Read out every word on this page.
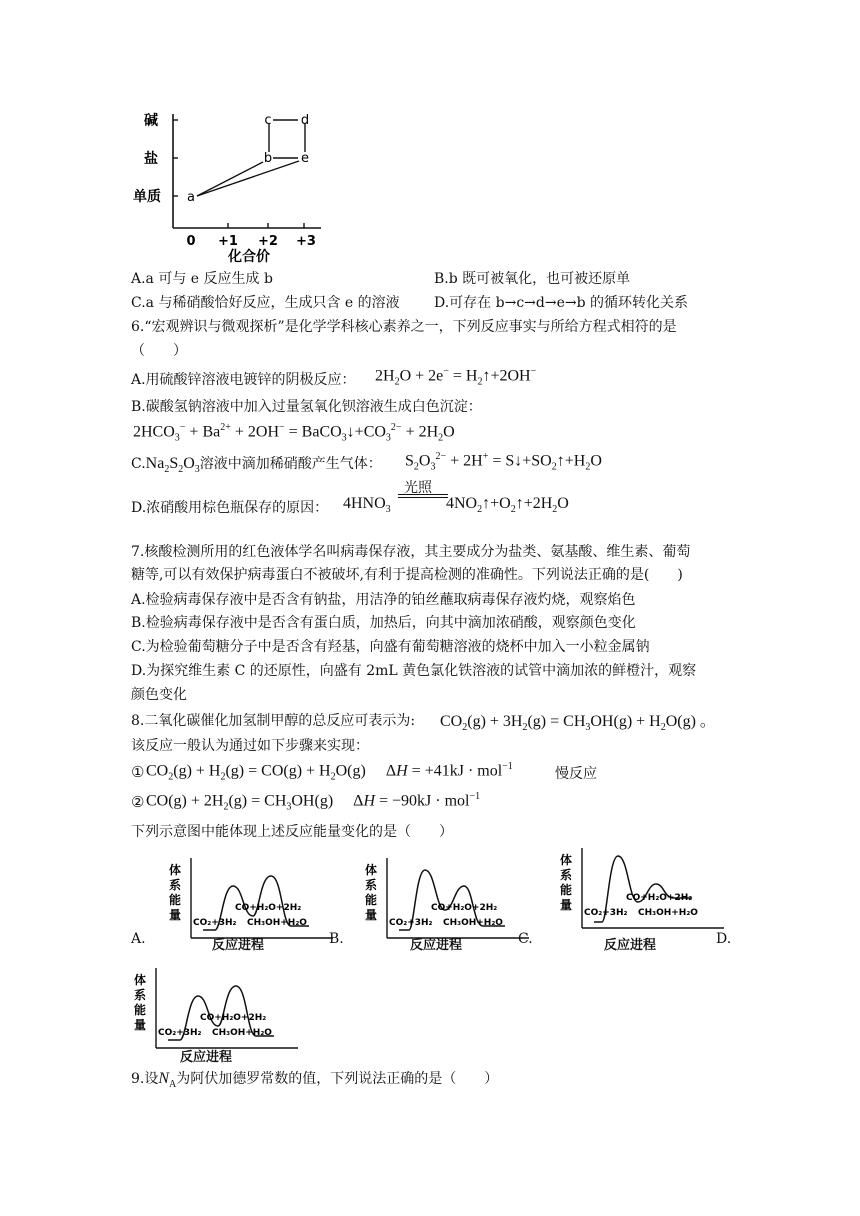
碱
盐
单质
0 +1 +2 +3
化合价
a
b
c d
e
A.a 可与 e 反应生成 b	B.b 既可被氧化，也可被还原单
C.a 与稀硝酸恰好反应，生成只含 e 的溶液 D.可存在 b→c→d→e→b 的循环转化关系
6.“宏观辨识与微观探析”是化学学科核心素养之一，下列反应事实与所给方程式相符的是
（　　）
A.用硫酸锌溶液电镀锌的阴极反应： $2H_2O + 2e^-$ = $H_2↑+2OH^-$
B.碳酸氢钠溶液中加入过量氢氧化钡溶液生成白色沉淀：
$2HCO_3^- + Ba^{2+} + 2OH^-$ = $BaCO_3↓+CO_3^{2-} + 2H_2O$
$C.Na_2S_2O_3$溶液中滴加稀硝酸产生气体： $S_2O_3^{2-} + 2H^+$ = $S↓+SO_2↑+H_2O$
D.浓硝酸用棕色瓶保存的原因： $4HNO_3$
光照
$4NO_2↑+O_2↑+2H_2O$
7.核酸检测所用的红色液体学名叫病毒保存液，其主要成分为盐类、氨基酸、维生素、葡萄
糖等,可以有效保护病毒蛋白不被破坏,有利于提高检测的准确性。下列说法正确的是(　　)
A.检验病毒保存液中是否含有钠盐，用洁净的铂丝蘸取病毒保存液灼烧，观察焰色
B.检验病毒保存液中是否含有蛋白质，加热后，向其中滴加浓硝酸，观察颜色变化
C.为检验葡萄糖分子中是否含有羟基，向盛有葡萄糖溶液的烧杯中加入一小粒金属钠
D.为探究维生素 C 的还原性，向盛有 2mL 黄色氯化铁溶液的试管中滴加浓的鲜橙汁，观察
颜色变化
8.二氧化碳催化加氢制甲醇的总反应可表示为: $CO_2(g) + 3H_2(g) = CH_3OH(g) + H_2O(g)$ 。
该反应一般认为通过如下步骤来实现：
① $CO_2(g) + H_2(g) = CO(g) + H_2O(g)$     ΔH = +41kJ · mol$^{-1}$	慢反应
② $CO(g) + 2H_2(g) = CH_3OH(g)$     ΔH = −90kJ · mol$^{-1}$
下列示意图中能体现上述反应能量变化的是（　　）
体
系
能
量	CO+H₂O+2H₂
CO₂+3H₂ CH₃OH+H₂O
体
系
能
量	CO+H₂O+2H₂
CO₂+3H₂ CH₃OH+H₂O
体
系
能
量	CO+H₂O+2H₂
CO₂+3H₂ CH₃OH+H₂O
体
系
能
量	CO+H₂O+2H₂
CO₂+3H₂ CH₃OH+H₂O
反应进程	反应进程	反应进程
反应进程
A.	B.	C.	D.
9.设$N_A$为阿伏加德罗常数的值，下列说法正确的是（　　）
